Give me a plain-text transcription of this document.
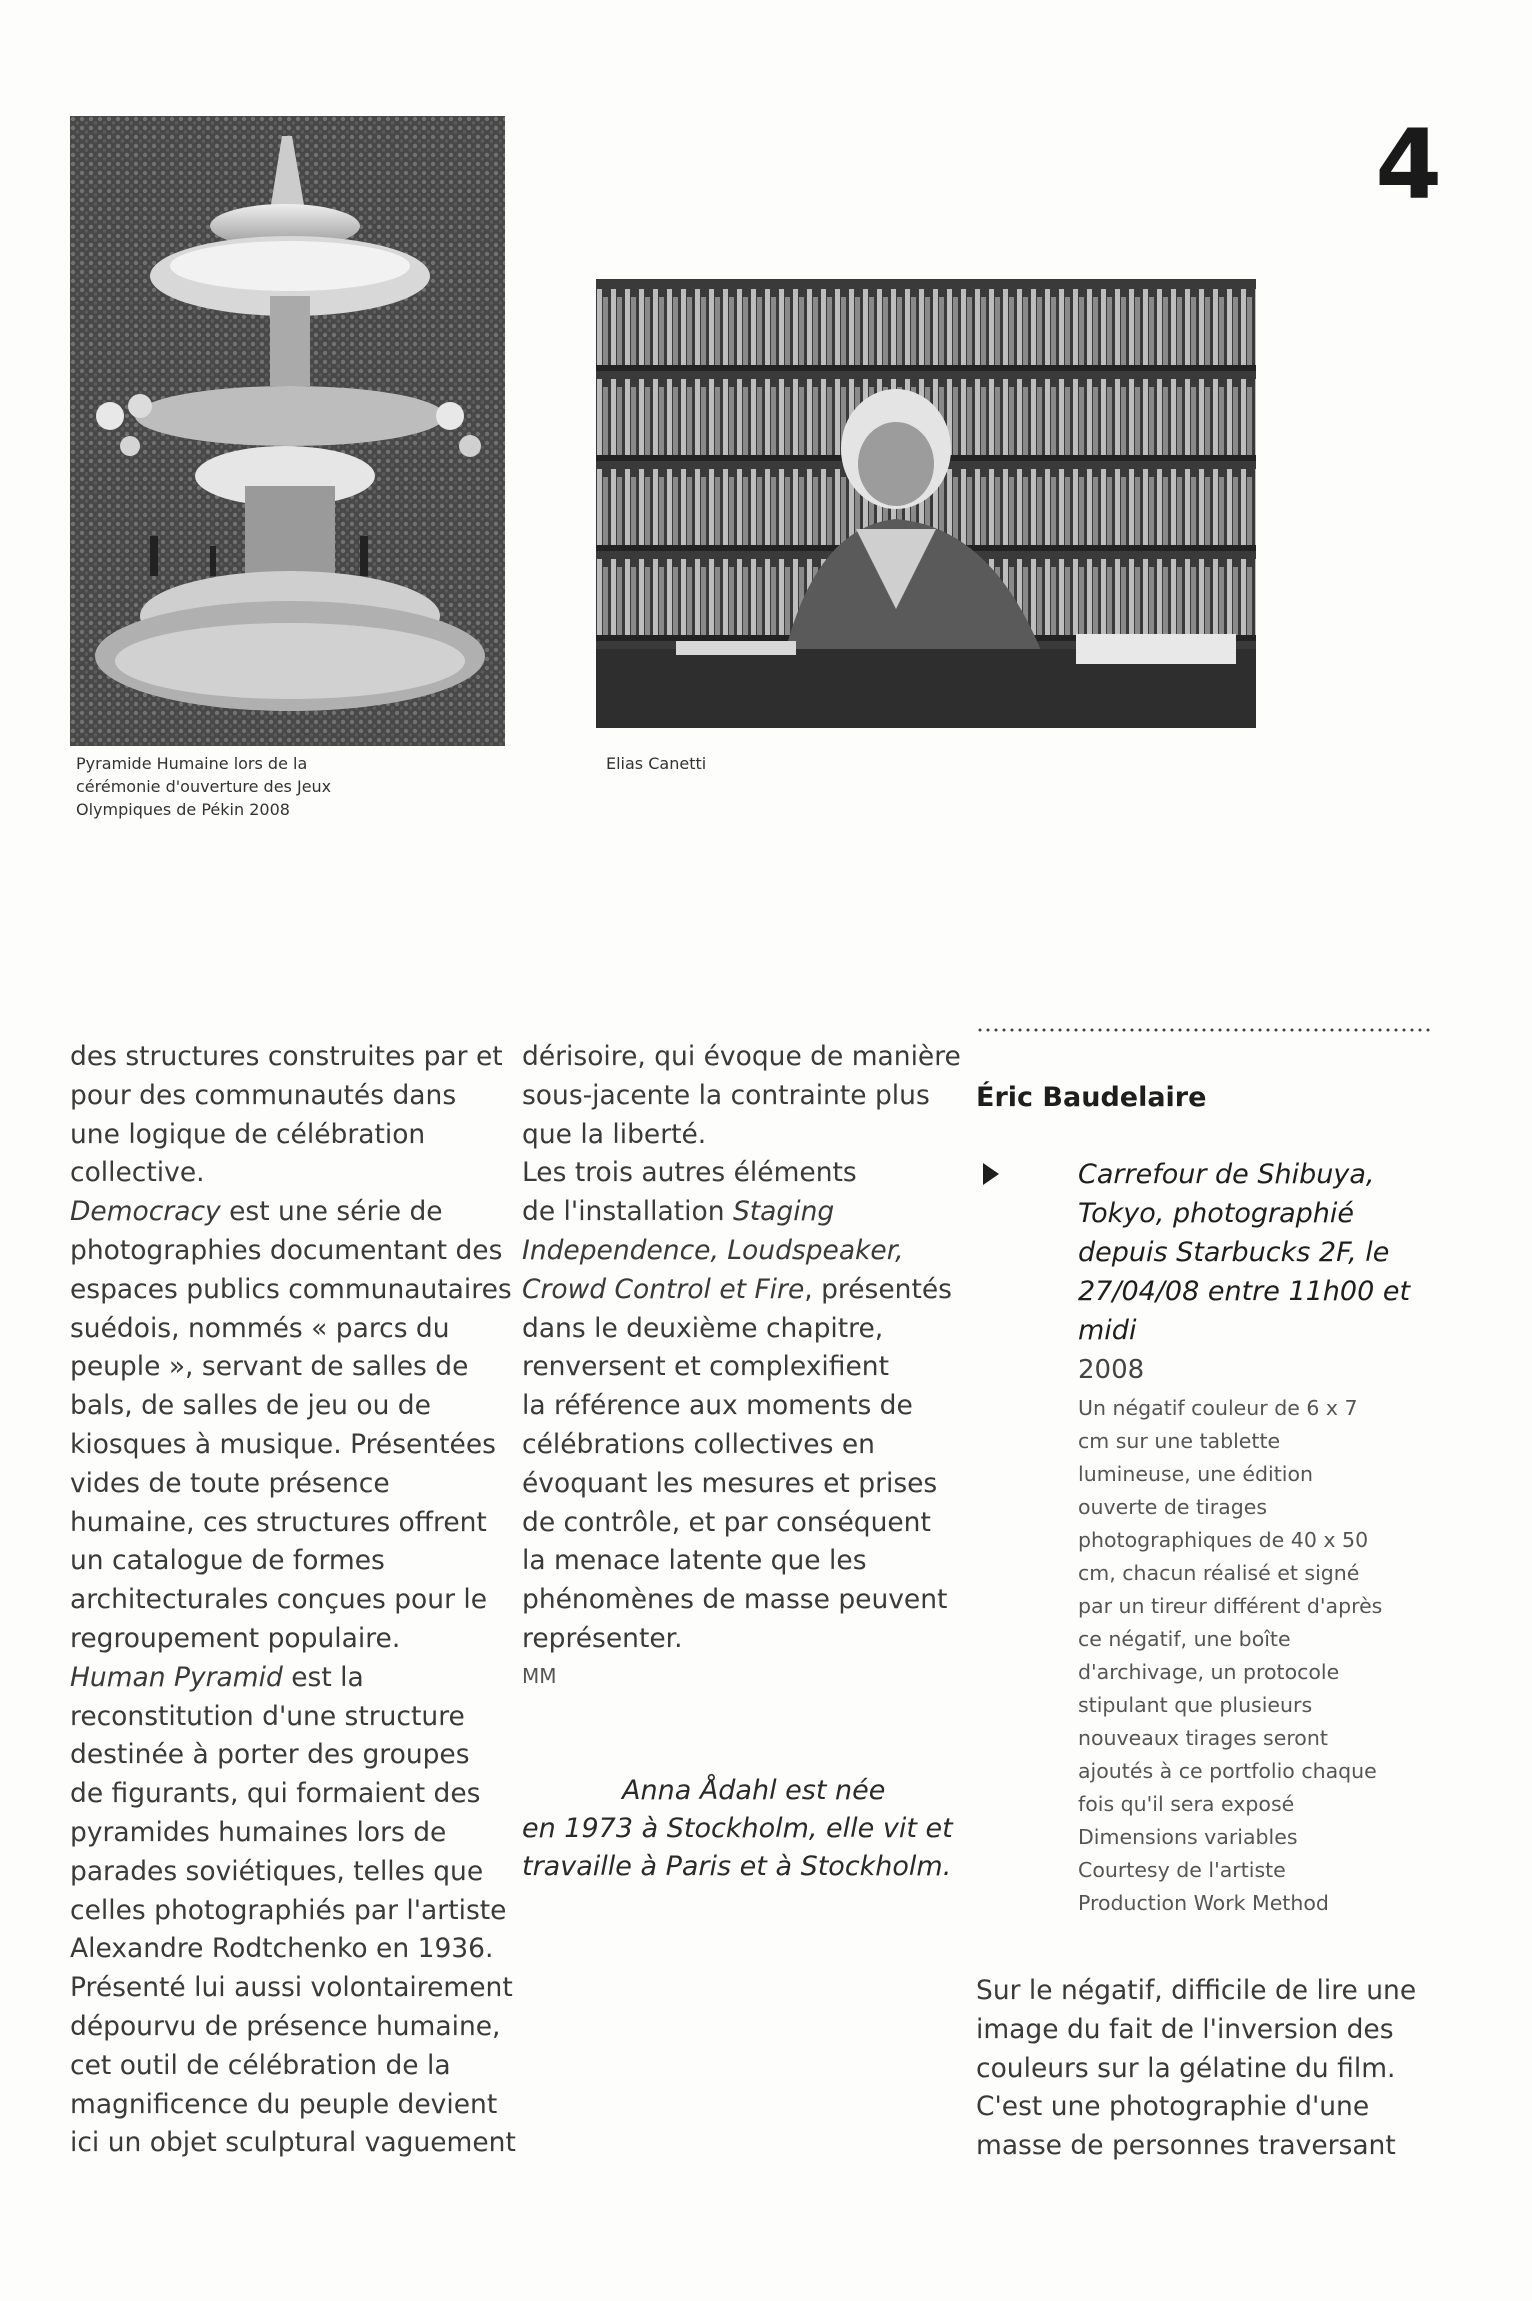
4
Pyramide Humaine lors de la
cérémonie d'ouverture des Jeux
Olympiques de Pékin 2008
Elias Canetti
des structures construites par et
pour des communautés dans
une logique de célébration
collective.
Democracy est une série de
photographies documentant des
espaces publics communautaires
suédois, nommés « parcs du
peuple », servant de salles de
bals, de salles de jeu ou de
kiosques à musique. Présentées
vides de toute présence
humaine, ces structures offrent
un catalogue de formes
architecturales conçues pour le
regroupement populaire.
Human Pyramid est la
reconstitution d'une structure
destinée à porter des groupes
de figurants, qui formaient des
pyramides humaines lors de
parades soviétiques, telles que
celles photographiés par l'artiste
Alexandre Rodtchenko en 1936.
Présenté lui aussi volontairement
dépourvu de présence humaine,
cet outil de célébration de la
magnificence du peuple devient
ici un objet sculptural vaguement
dérisoire, qui évoque de manière
sous-jacente la contrainte plus
que la liberté.
Les trois autres éléments
de l'installation Staging
Independence, Loudspeaker,
Crowd Control et Fire, présentés
dans le deuxième chapitre,
renversent et complexifient
la référence aux moments de
célébrations collectives en
évoquant les mesures et prises
de contrôle, et par conséquent
la menace latente que les
phénomènes de masse peuvent
représenter.
MM
Anna Ådahl est née
en 1973 à Stockholm, elle vit et
travaille à Paris et à Stockholm.
Éric Baudelaire
Carrefour de Shibuya,
Tokyo, photographié
depuis Starbucks 2F, le
27/04/08 entre 11h00 et
midi
2008
Un négatif couleur de 6 x 7
cm sur une tablette
lumineuse, une édition
ouverte de tirages
photographiques de 40 x 50
cm, chacun réalisé et signé
par un tireur différent d'après
ce négatif, une boîte
d'archivage, un protocole
stipulant que plusieurs
nouveaux tirages seront
ajoutés à ce portfolio chaque
fois qu'il sera exposé
Dimensions variables
Courtesy de l'artiste
Production Work Method
Sur le négatif, difficile de lire une
image du fait de l'inversion des
couleurs sur la gélatine du film.
C'est une photographie d'une
masse de personnes traversant
